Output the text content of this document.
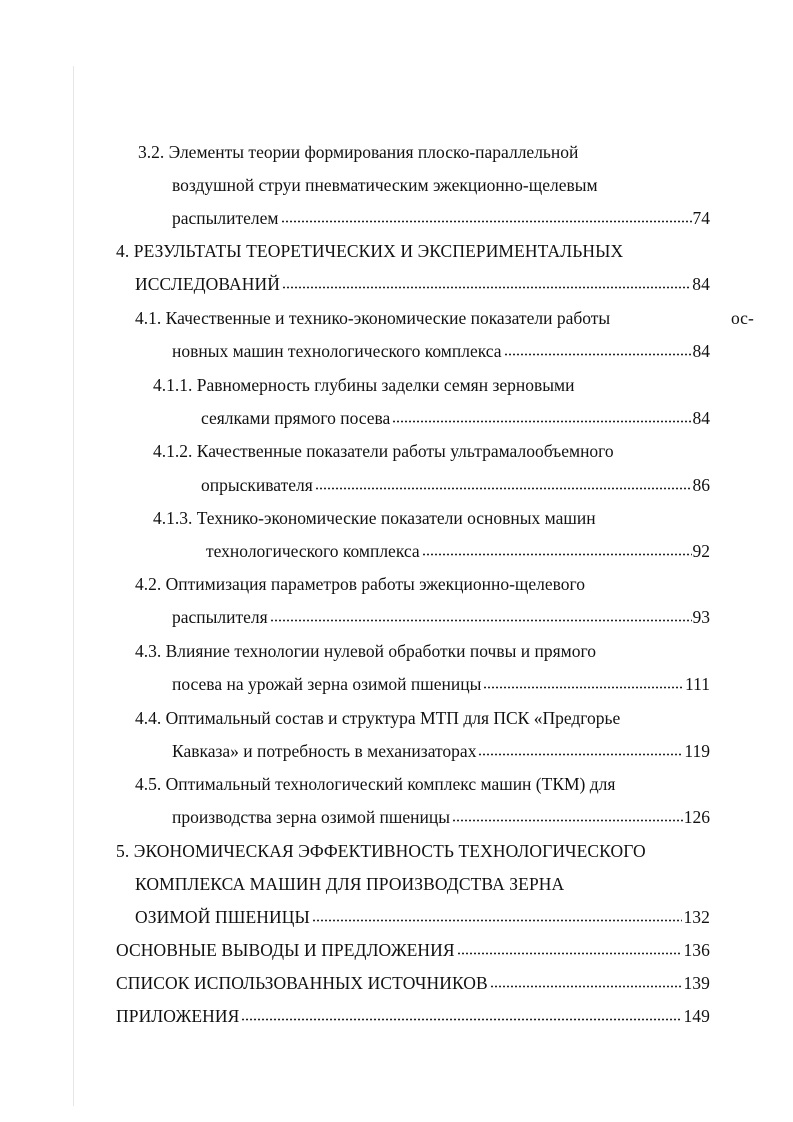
3.2. Элементы теории формирования плоско-параллельной
воздушной струи пневматическим эжекционно-щелевым
распылителем	74
4. РЕЗУЛЬТАТЫ ТЕОРЕТИЧЕСКИХ И ЭКСПЕРИМЕНТАЛЬНЫХ
ИССЛЕДОВАНИЙ	84
4.1. Качественные и технико-экономические показатели работы	ос-
новных машин технологического комплекса	84
4.1.1. Равномерность глубины заделки семян зерновыми
сеялками прямого посева	84
4.1.2. Качественные показатели работы ультрамалообъемного
опрыскивателя	86
4.1.3. Технико-экономические показатели основных машин
технологического комплекса	92
4.2. Оптимизация параметров работы эжекционно-щелевого
распылителя	93
4.3. Влияние технологии нулевой обработки почвы и прямого
посева на урожай зерна озимой пшеницы	111
4.4. Оптимальный состав и структура МТП для ПСК «Предгорье
Кавказа» и потребность в механизаторах	119
4.5. Оптимальный технологический комплекс машин (ТКМ) для
производства зерна озимой пшеницы	126
5. ЭКОНОМИЧЕСКАЯ ЭФФЕКТИВНОСТЬ ТЕХНОЛОГИЧЕСКОГО
КОМПЛЕКСА МАШИН ДЛЯ ПРОИЗВОДСТВА ЗЕРНА
ОЗИМОЙ ПШЕНИЦЫ	132
ОСНОВНЫЕ ВЫВОДЫ И ПРЕДЛОЖЕНИЯ	136
СПИСОК ИСПОЛЬЗОВАННЫХ ИСТОЧНИКОВ	139
ПРИЛОЖЕНИЯ	149
